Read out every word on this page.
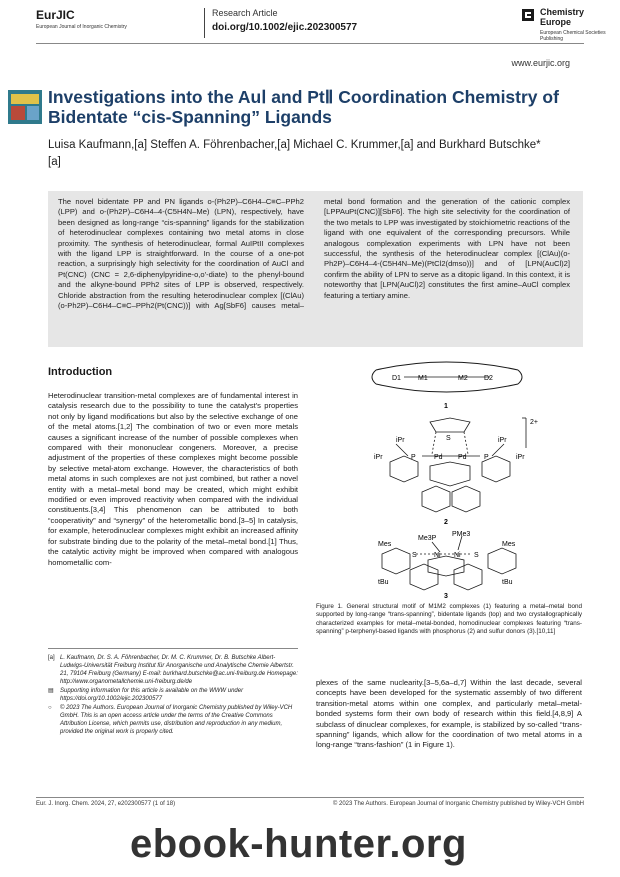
EurJIC
European Journal of Inorganic Chemistry
Research Article
doi.org/10.1002/ejic.202300577
Chemistry Europe
European Chemical Societies Publishing
www.eurjic.org
Investigations into the AuⅠ and PtⅡ Coordination Chemistry of Bidentate “cis-Spanning” Ligands
Luisa Kaufmann,[a] Steffen A. Föhrenbacher,[a] Michael C. Krummer,[a] and Burkhard Butschke*[a]
The novel bidentate PP and PN ligands o-(Ph2P)–C6H4–C≡C–PPh2 (LPP) and o-(Ph2P)–C6H4–4-(C5H4N–Me) (LPN), respectively, have been designed as long-range “cis-spanning” ligands for the stabilization of heterodinuclear complexes containing two metal atoms in close proximity. The synthesis of heterodinuclear, formal AuIPtII complexes with the ligand LPP is straightforward. In the course of a one-pot reaction, a surprisingly high selectivity for the coordination of AuCl and Pt(CNC) (CNC = 2,6-diphenylpyridine-o,o′-diate) to the phenyl-bound and the alkyne-bound PPh2 sites of LPP is observed, respectively. Chloride abstraction from the resulting heterodinuclear complex [(ClAu)(o-Ph2P)–C6H4–C≡C–PPh2(Pt(CNC))] with Ag[SbF6] causes metal–metal bond formation and the generation of the cationic complex [LPPAuPt(CNC)][SbF6]. The high site selectivity for the coordination of the two metals to LPP was investigated by stoichiometric reactions of the ligand with one equivalent of the corresponding precursors. While analogous complexation experiments with LPN have not been successful, the synthesis of the heterodinuclear complex [(ClAu)(o-Ph2P)–C6H4–4-(C5H4N–Me)(PtCl2(dmso))] and of [LPN(AuCl)2] confirm the ability of LPN to serve as a ditopic ligand. In this context, it is noteworthy that [LPN(AuCl)2] constitutes the first amine–AuCl complex featuring a tertiary amine.
Introduction
Heterodinuclear transition-metal complexes are of fundamental interest in catalysis research due to the possibility to tune the catalyst's properties not only by ligand modifications but also by the selective exchange of one of the metal atoms.[1,2] The combination of two or even more metals causes a significant increase of the number of possible complexes when compared with their mononuclear congeners. Moreover, a precise adjustment of the properties of these complexes might become possible by selective metal-atom exchange. However, the characteristics of both metal atoms in such complexes are not just combined, but rather a novel entity with a metal–metal bond may be created, which might exhibit modified or even improved reactivity when compared with the individual constituents.[3,4] This phenomenon can be attributed to both “cooperativity” and “synergy” of the heterometallic bond.[3–5] In catalysis, for example, heterodinuclear complexes might exhibit an increased affinity for substrate binding due to the polarity of the metal–metal bond.[1] Thus, the catalytic activity might be improved when compared with analogous homometallic com-
D1 M1	M2 D2
1
iPr	iPr
iPr	iPr
P	Pd Pd P
S
2+
2
Me3P
PMe3
Mes	Mes
S Ni Ni S
tBu	tBu
3
Figure 1. General structural motif of M1M2 complexes (1) featuring a metal–metal bond supported by long-range “trans-spanning”, bidentate ligands (top) and two crystallographically characterized examples for metal–metal-bonded, homodinuclear complexes featuring “trans-spanning” p-terphenyl-based ligands with phosphorus (2) and sulfur donors (3).[10,11]
[a] L. Kaufmann, Dr. S. A. Föhrenbacher, Dr. M. C. Krummer, Dr. B. Butschke Albert-Ludwigs-Universität Freiburg Institut für Anorganische und Analytische Chemie Albertstr. 21, 79104 Freiburg (Germany) E-mail: burkhard.butschke@ac.uni-freiburg.de Homepage: http://www.organometallchemie.uni-freiburg.de/de
▤	Supporting information for this article is available on the WWW under https://doi.org/10.1002/ejic.202300577
○	© 2023 The Authors. European Journal of Inorganic Chemistry published by Wiley-VCH GmbH. This is an open access article under the terms of the Creative Commons Attribution License, which permits use, distribution and reproduction in any medium, provided the original work is properly cited.
plexes of the same nuclearity.[3–5,6a–d,7] Within the last decade, several concepts have been developed for the systematic assembly of two different transition-metal atoms within one complex, and particularly metal–metal-bonded systems form their own body of research within this field.[4,8,9] A subclass of dinuclear complexes, for example, is stabilized by so-called “trans-spanning” ligands, which allow for the coordination of two metal atoms in a long-range “trans-fashion” (1 in Figure 1).
Eur. J. Inorg. Chem. 2024, 27, e202300577 (1 of 18)	© 2023 The Authors. European Journal of Inorganic Chemistry published by Wiley-VCH GmbH
ebook-hunter.org
